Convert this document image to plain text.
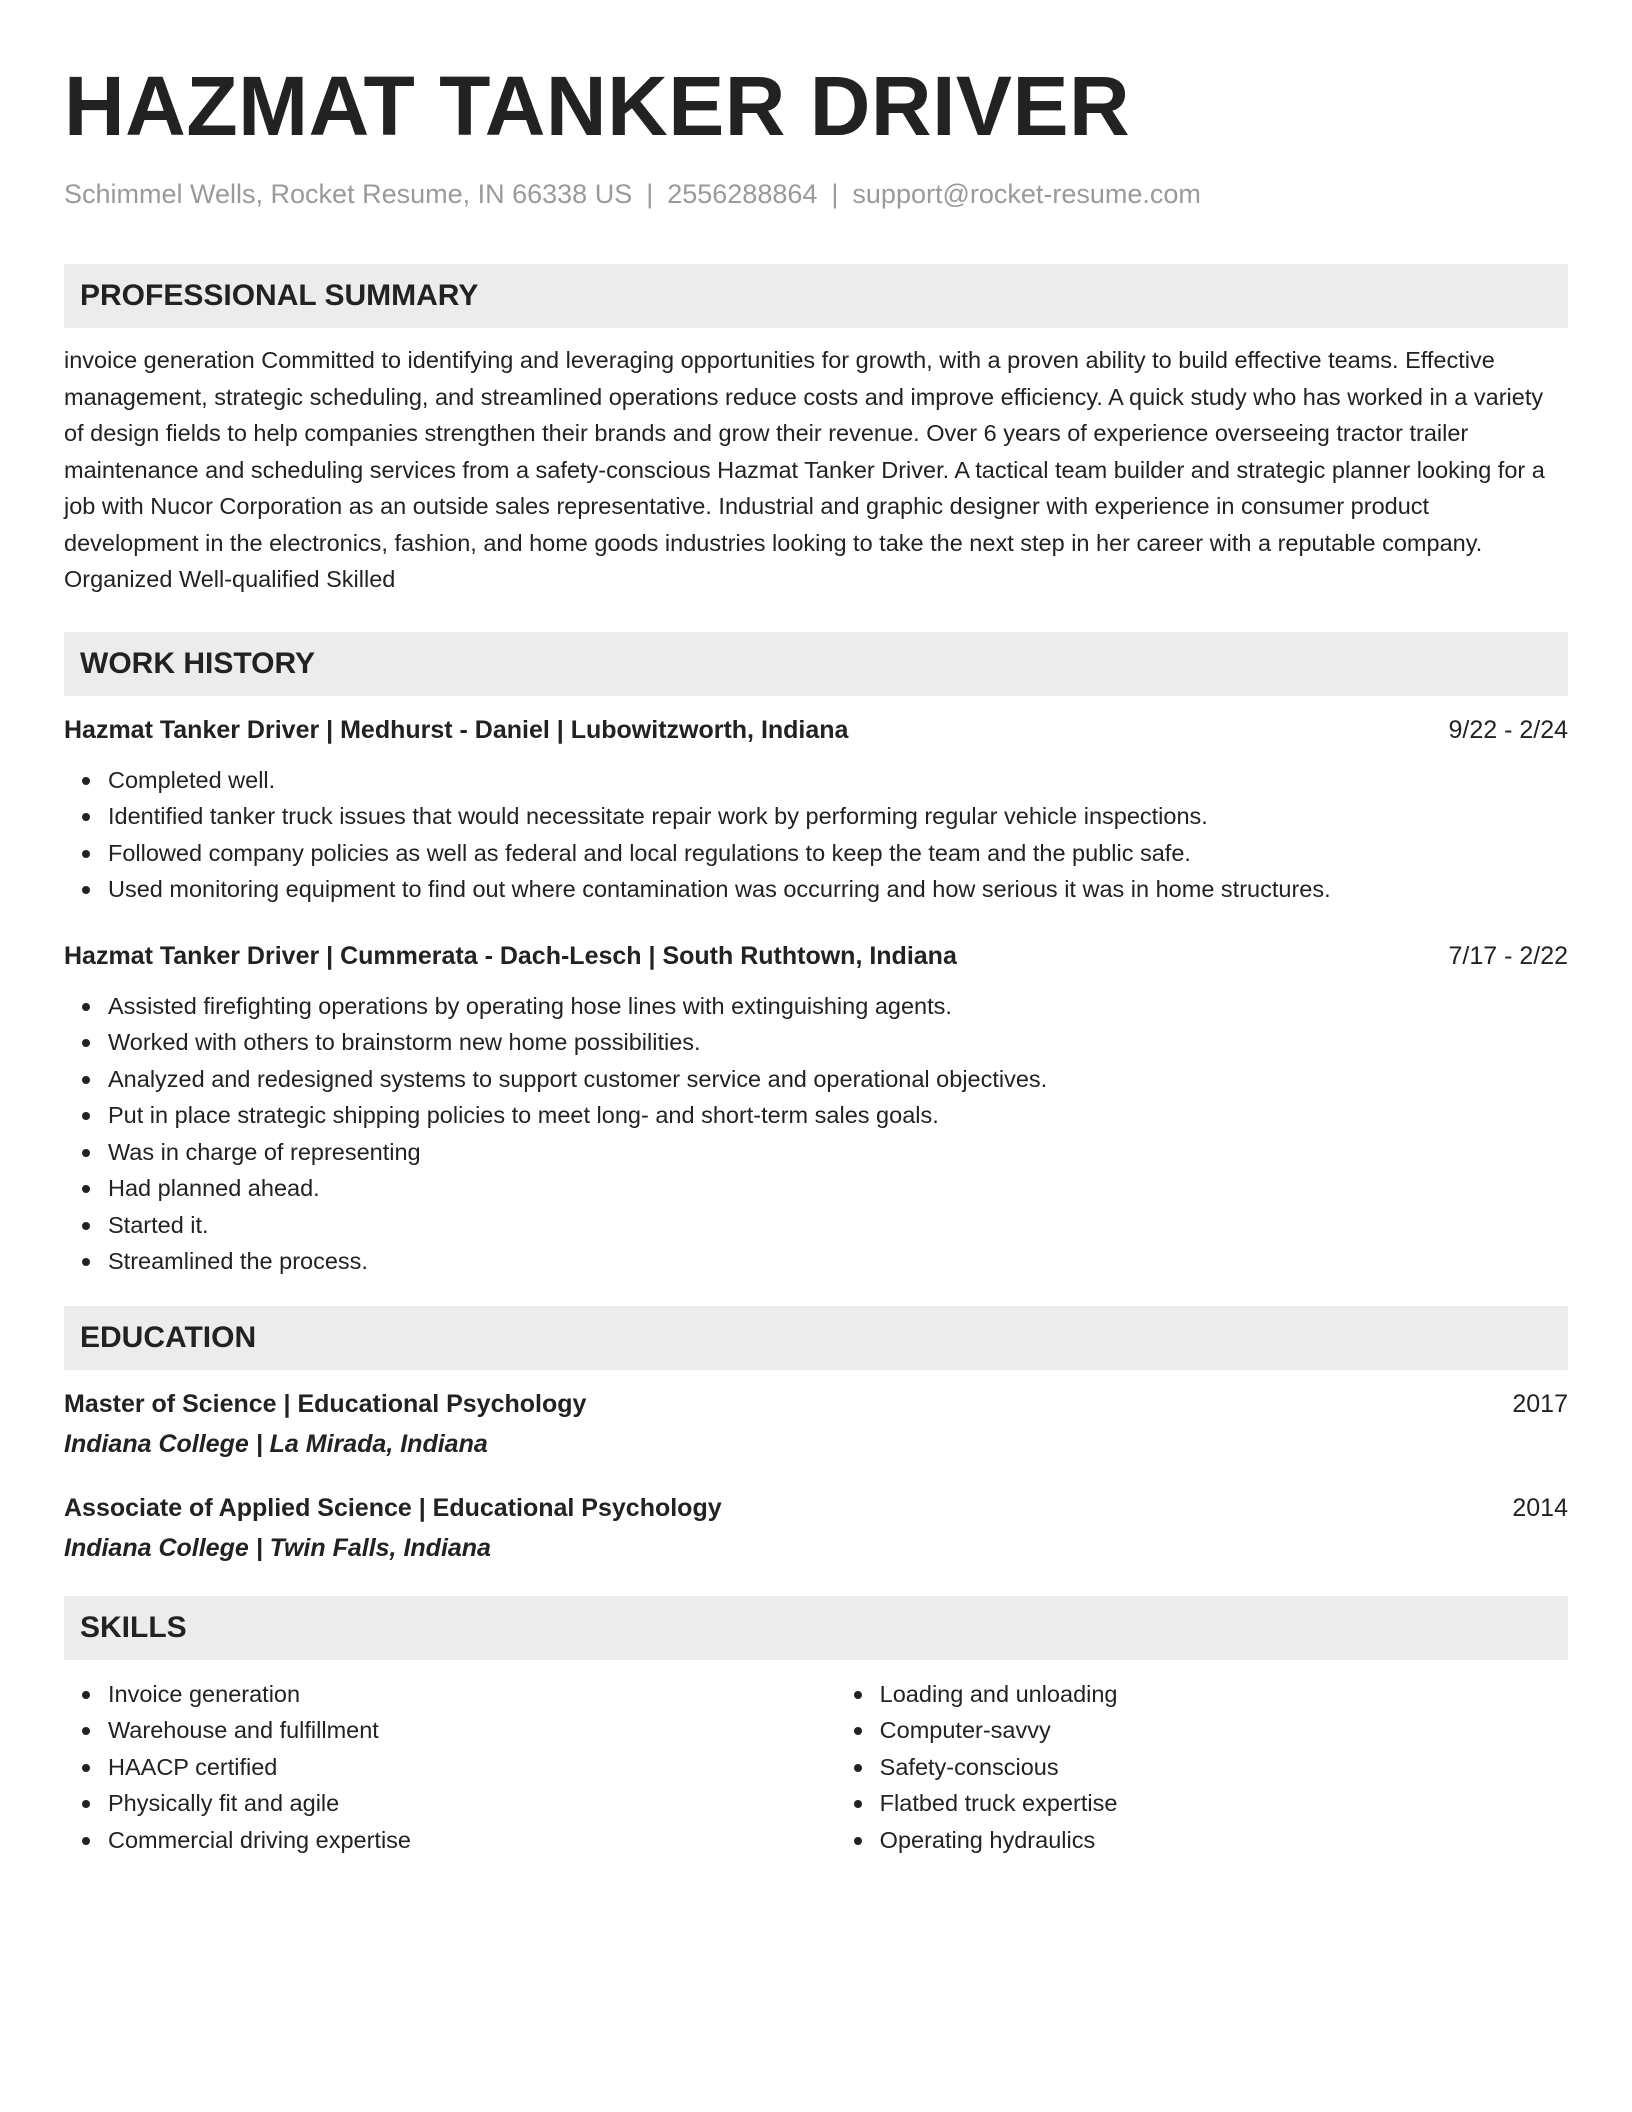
HAZMAT TANKER DRIVER
Schimmel Wells, Rocket Resume, IN 66338 US | 2556288864 | support@rocket-resume.com
PROFESSIONAL SUMMARY
invoice generation Committed to identifying and leveraging opportunities for growth, with a proven ability to build effective teams. Effective management, strategic scheduling, and streamlined operations reduce costs and improve efficiency. A quick study who has worked in a variety of design fields to help companies strengthen their brands and grow their revenue. Over 6 years of experience overseeing tractor trailer maintenance and scheduling services from a safety-conscious Hazmat Tanker Driver. A tactical team builder and strategic planner looking for a job with Nucor Corporation as an outside sales representative. Industrial and graphic designer with experience in consumer product development in the electronics, fashion, and home goods industries looking to take the next step in her career with a reputable company. Organized Well-qualified Skilled
WORK HISTORY
Hazmat Tanker Driver | Medhurst - Daniel | Lubowitzworth, Indiana	9/22 - 2/24
Completed well.
Identified tanker truck issues that would necessitate repair work by performing regular vehicle inspections.
Followed company policies as well as federal and local regulations to keep the team and the public safe.
Used monitoring equipment to find out where contamination was occurring and how serious it was in home structures.
Hazmat Tanker Driver | Cummerata - Dach-Lesch | South Ruthtown, Indiana	7/17 - 2/22
Assisted firefighting operations by operating hose lines with extinguishing agents.
Worked with others to brainstorm new home possibilities.
Analyzed and redesigned systems to support customer service and operational objectives.
Put in place strategic shipping policies to meet long- and short-term sales goals.
Was in charge of representing
Had planned ahead.
Started it.
Streamlined the process.
EDUCATION
Master of Science | Educational Psychology	2017
Indiana College | La Mirada, Indiana
Associate of Applied Science | Educational Psychology	2014
Indiana College | Twin Falls, Indiana
SKILLS
Invoice generation
Warehouse and fulfillment
HAACP certified
Physically fit and agile
Commercial driving expertise
Loading and unloading
Computer-savvy
Safety-conscious
Flatbed truck expertise
Operating hydraulics
